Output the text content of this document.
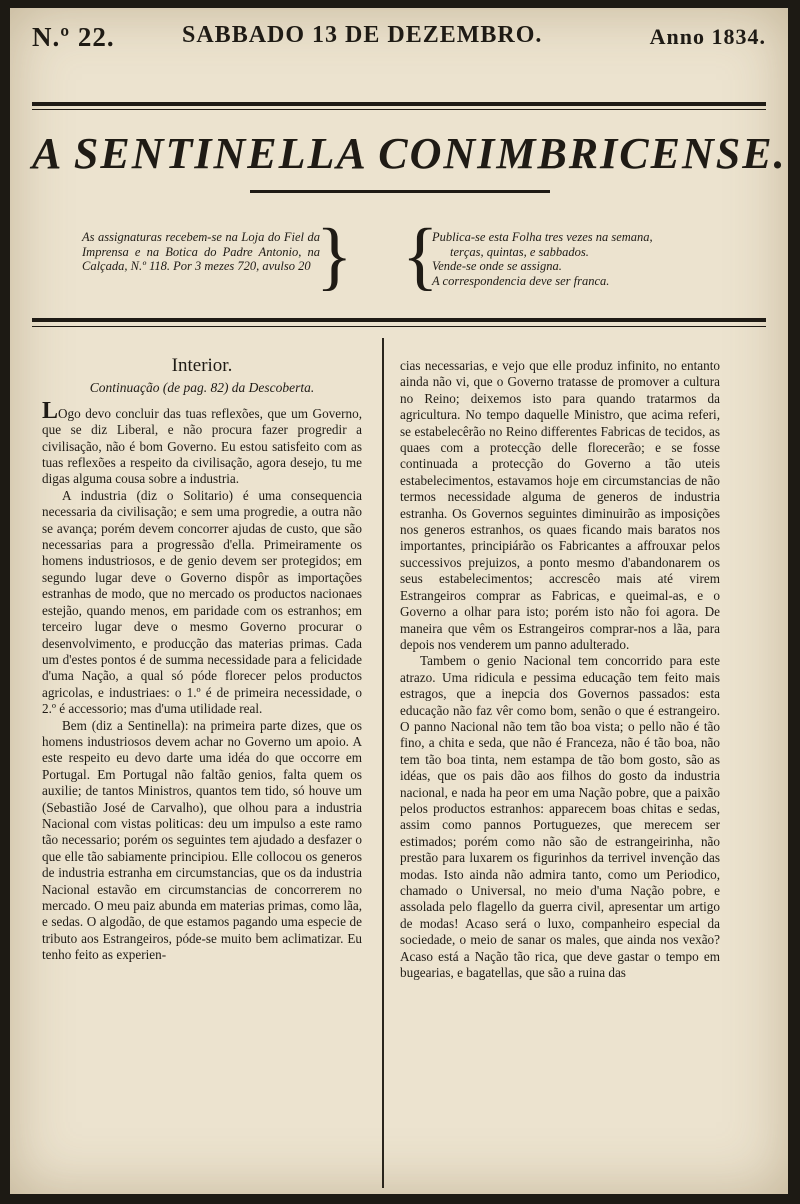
N.º 22.	SABBADO 13 DE DEZEMBRO.	Anno 1834.
A SENTINELLA CONIMBRICENSE.
As assignaturas recebem-se na Loja do Fiel da Imprensa e na Botica do Padre Antonio, na Calçada, N.º 118. Por 3 mezes 720, avulso 20 } {
Publica-se esta Folha tres vezes na semana,
terças, quintas, e sabbados.
Vende-se onde se assigna.
A correspondencia deve ser franca.
Interior.
Continuação (de pag. 82) da Descoberta.

LOgo devo concluir das tuas reflexões, que um Governo, que se diz Liberal, e não procura fazer progredir a civilisação, não é bom Governo. Eu estou satisfeito com as tuas reflexões a respeito da civilisação, agora desejo, tu me digas alguma cousa sobre a industria.

A industria (diz o Solitario) é uma consequencia necessaria da civilisação; e sem uma progredie, a outra não se avança; porém devem concorrer ajudas de custo, que são necessarias para a progressão d'ella. Primeiramente os homens industriosos, e de genio devem ser protegidos; em segundo lugar deve o Governo dispôr as importações estranhas de modo, que no mercado os productos nacionaes estejão, quando menos, em paridade com os estranhos; em terceiro lugar deve o mesmo Governo procurar o desenvolvimento, e producção das materias primas. Cada um d'estes pontos é de summa necessidade para a felicidade d'uma Nação, a qual só póde florecer pelos productos agricolas, e industriaes: o 1.º é de primeira necessidade, o 2.º é accessorio; mas d'uma utilidade real.

Bem (diz a Sentinella): na primeira parte dizes, que os homens industriosos devem achar no Governo um apoio. A este respeito eu devo darte uma idéa do que occorre em Portugal. Em Portugal não faltão genios, falta quem os auxilie; de tantos Ministros, quantos tem tido, só houve um (Sebastião José de Carvalho), que olhou para a industria Nacional com vistas politicas: deu um impulso a este ramo tão necessario; porém os seguintes tem ajudado a desfazer o que elle tão sabiamente principiou. Elle collocou os generos de industria estranha em circumstancias, que os da industria Nacional estavão em circumstancias de concorrerem no mercado. O meu paiz abunda em materias primas, como lãa, e sedas. O algodão, de que estamos pagando uma especie de tributo aos Estrangeiros, póde-se muito bem aclimatizar. Eu tenho feito as experien-

cias necessarias, e vejo que elle produz infinito, no entanto ainda não vi, que o Governo tratasse de promover a cultura no Reino; deixemos isto para quando tratarmos da agricultura. No tempo daquelle Ministro, que acima referi, se estabelecêrão no Reino differentes Fabricas de tecidos, as quaes com a protecção delle florecerão; e se fosse continuada a protecção do Governo a tão uteis estabelecimentos, estavamos hoje em circumstancias de não termos necessidade alguma de generos de industria estranha. Os Governos seguintes diminuirão as imposições nos generos estranhos, os quaes ficando mais baratos nos importantes, principiárão os Fabricantes a affrouxar pelos successivos prejuizos, a ponto mesmo d'abandonarem os seus estabelecimentos; accrescêo mais até virem Estrangeiros comprar as Fabricas, e queimal-as, e o Governo a olhar para isto; porém isto não foi agora. De maneira que vêm os Estrangeiros comprar-nos a lãa, para depois nos venderem um panno adulterado.

Tambem o genio Nacional tem concorrido para este atrazo. Uma ridicula e pessima educação tem feito mais estragos, que a inepcia dos Governos passados: esta educação não faz vêr como bom, senão o que é estrangeiro. O panno Nacional não tem tão boa vista; o pello não é tão fino, a chita e seda, que não é Franceza, não é tão boa, não tem tão boa tinta, nem estampa de tão bom gosto, são as idéas, que os pais dão aos filhos do gosto da industria nacional, e nada ha peor em uma Nação pobre, que a paixão pelos productos estranhos: apparecem boas chitas e sedas, assim como pannos Portuguezes, que merecem ser estimados; porém como não são de estrangeirinha, não prestão para luxarem os figurinhos da terrivel invenção das modas. Isto ainda não admira tanto, como um Periodico, chamado o Universal, no meio d'uma Nação pobre, e assolada pelo flagello da guerra civil, apresentar um artigo de modas! Acaso será o luxo, companheiro especial da sociedade, o meio de sanar os males, que ainda nos vexão? Acaso está a Nação tão rica, que deve gastar o tempo em bugearias, e bagatellas, que são a ruina das
